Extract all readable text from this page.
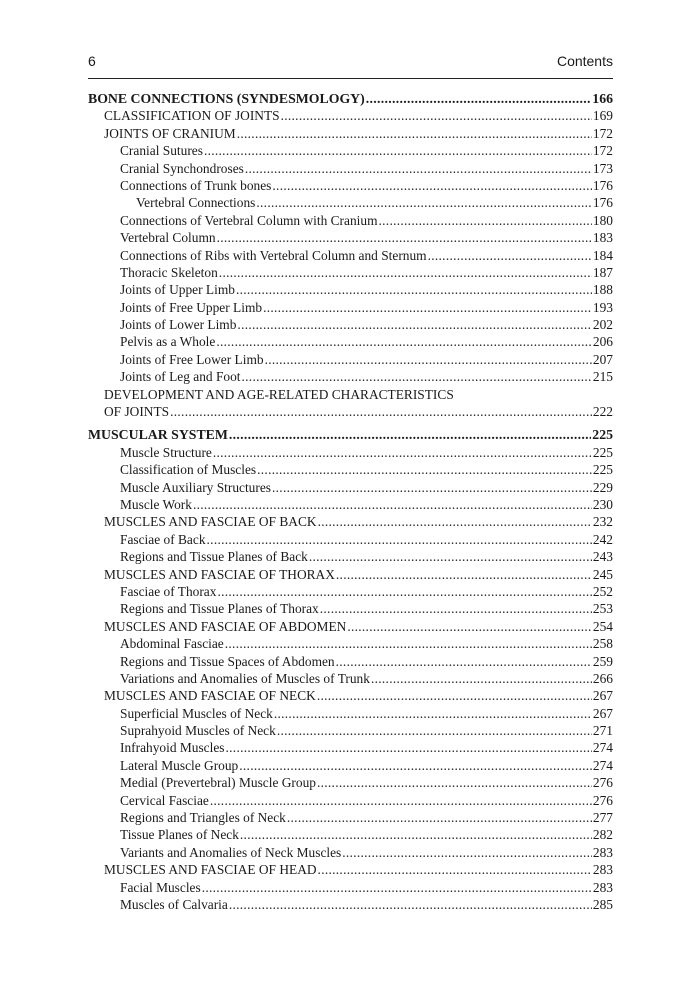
6	Contents
BONE CONNECTIONS (SYNDESMOLOGY) .....	166
CLASSIFICATION OF JOINTS .....	169
JOINTS OF CRANIUM .....	172
Cranial Sutures .....	172
Cranial Synchondroses .....	173
Connections of Trunk bones .....	176
Vertebral Connections .....	176
Connections of Vertebral Column with Cranium .....	180
Vertebral Column .....	183
Connections of Ribs with Vertebral Column and Sternum .....	184
Thoracic Skeleton .....	187
Joints of Upper Limb .....	188
Joints of Free Upper Limb .....	193
Joints of Lower Limb .....	202
Pelvis as a Whole .....	206
Joints of Free Lower Limb .....	207
Joints of Leg and Foot .....	215
DEVELOPMENT AND AGE-RELATED CHARACTERISTICS
OF JOINTS .....	222
MUSCULAR SYSTEM .....	225
Muscle Structure .....	225
Classification of Muscles .....	225
Muscle Auxiliary Structures .....	229
Muscle Work .....	230
MUSCLES AND FASCIAE OF BACK .....	232
Fasciae of Back .....	242
Regions and Tissue Planes of Back .....	243
MUSCLES AND FASCIAE OF THORAX .....	245
Fasciae of Thorax .....	252
Regions and Tissue Planes of Thorax .....	253
MUSCLES AND FASCIAE OF ABDOMEN .....	254
Abdominal Fasciae .....	258
Regions and Tissue Spaces of Abdomen .....	259
Variations and Anomalies of Muscles of Trunk .....	266
MUSCLES AND FASCIAE OF NECK .....	267
Superficial Muscles of Neck .....	267
Suprahyoid Muscles of Neck .....	271
Infrahyoid Muscles .....	274
Lateral Muscle Group .....	274
Medial (Prevertebral) Muscle Group .....	276
Cervical Fasciae .....	276
Regions and Triangles of Neck .....	277
Tissue Planes of Neck .....	282
Variants and Anomalies of Neck Muscles .....	283
MUSCLES AND FASCIAE OF HEAD .....	283
Facial Muscles .....	283
Muscles of Calvaria .....	285
